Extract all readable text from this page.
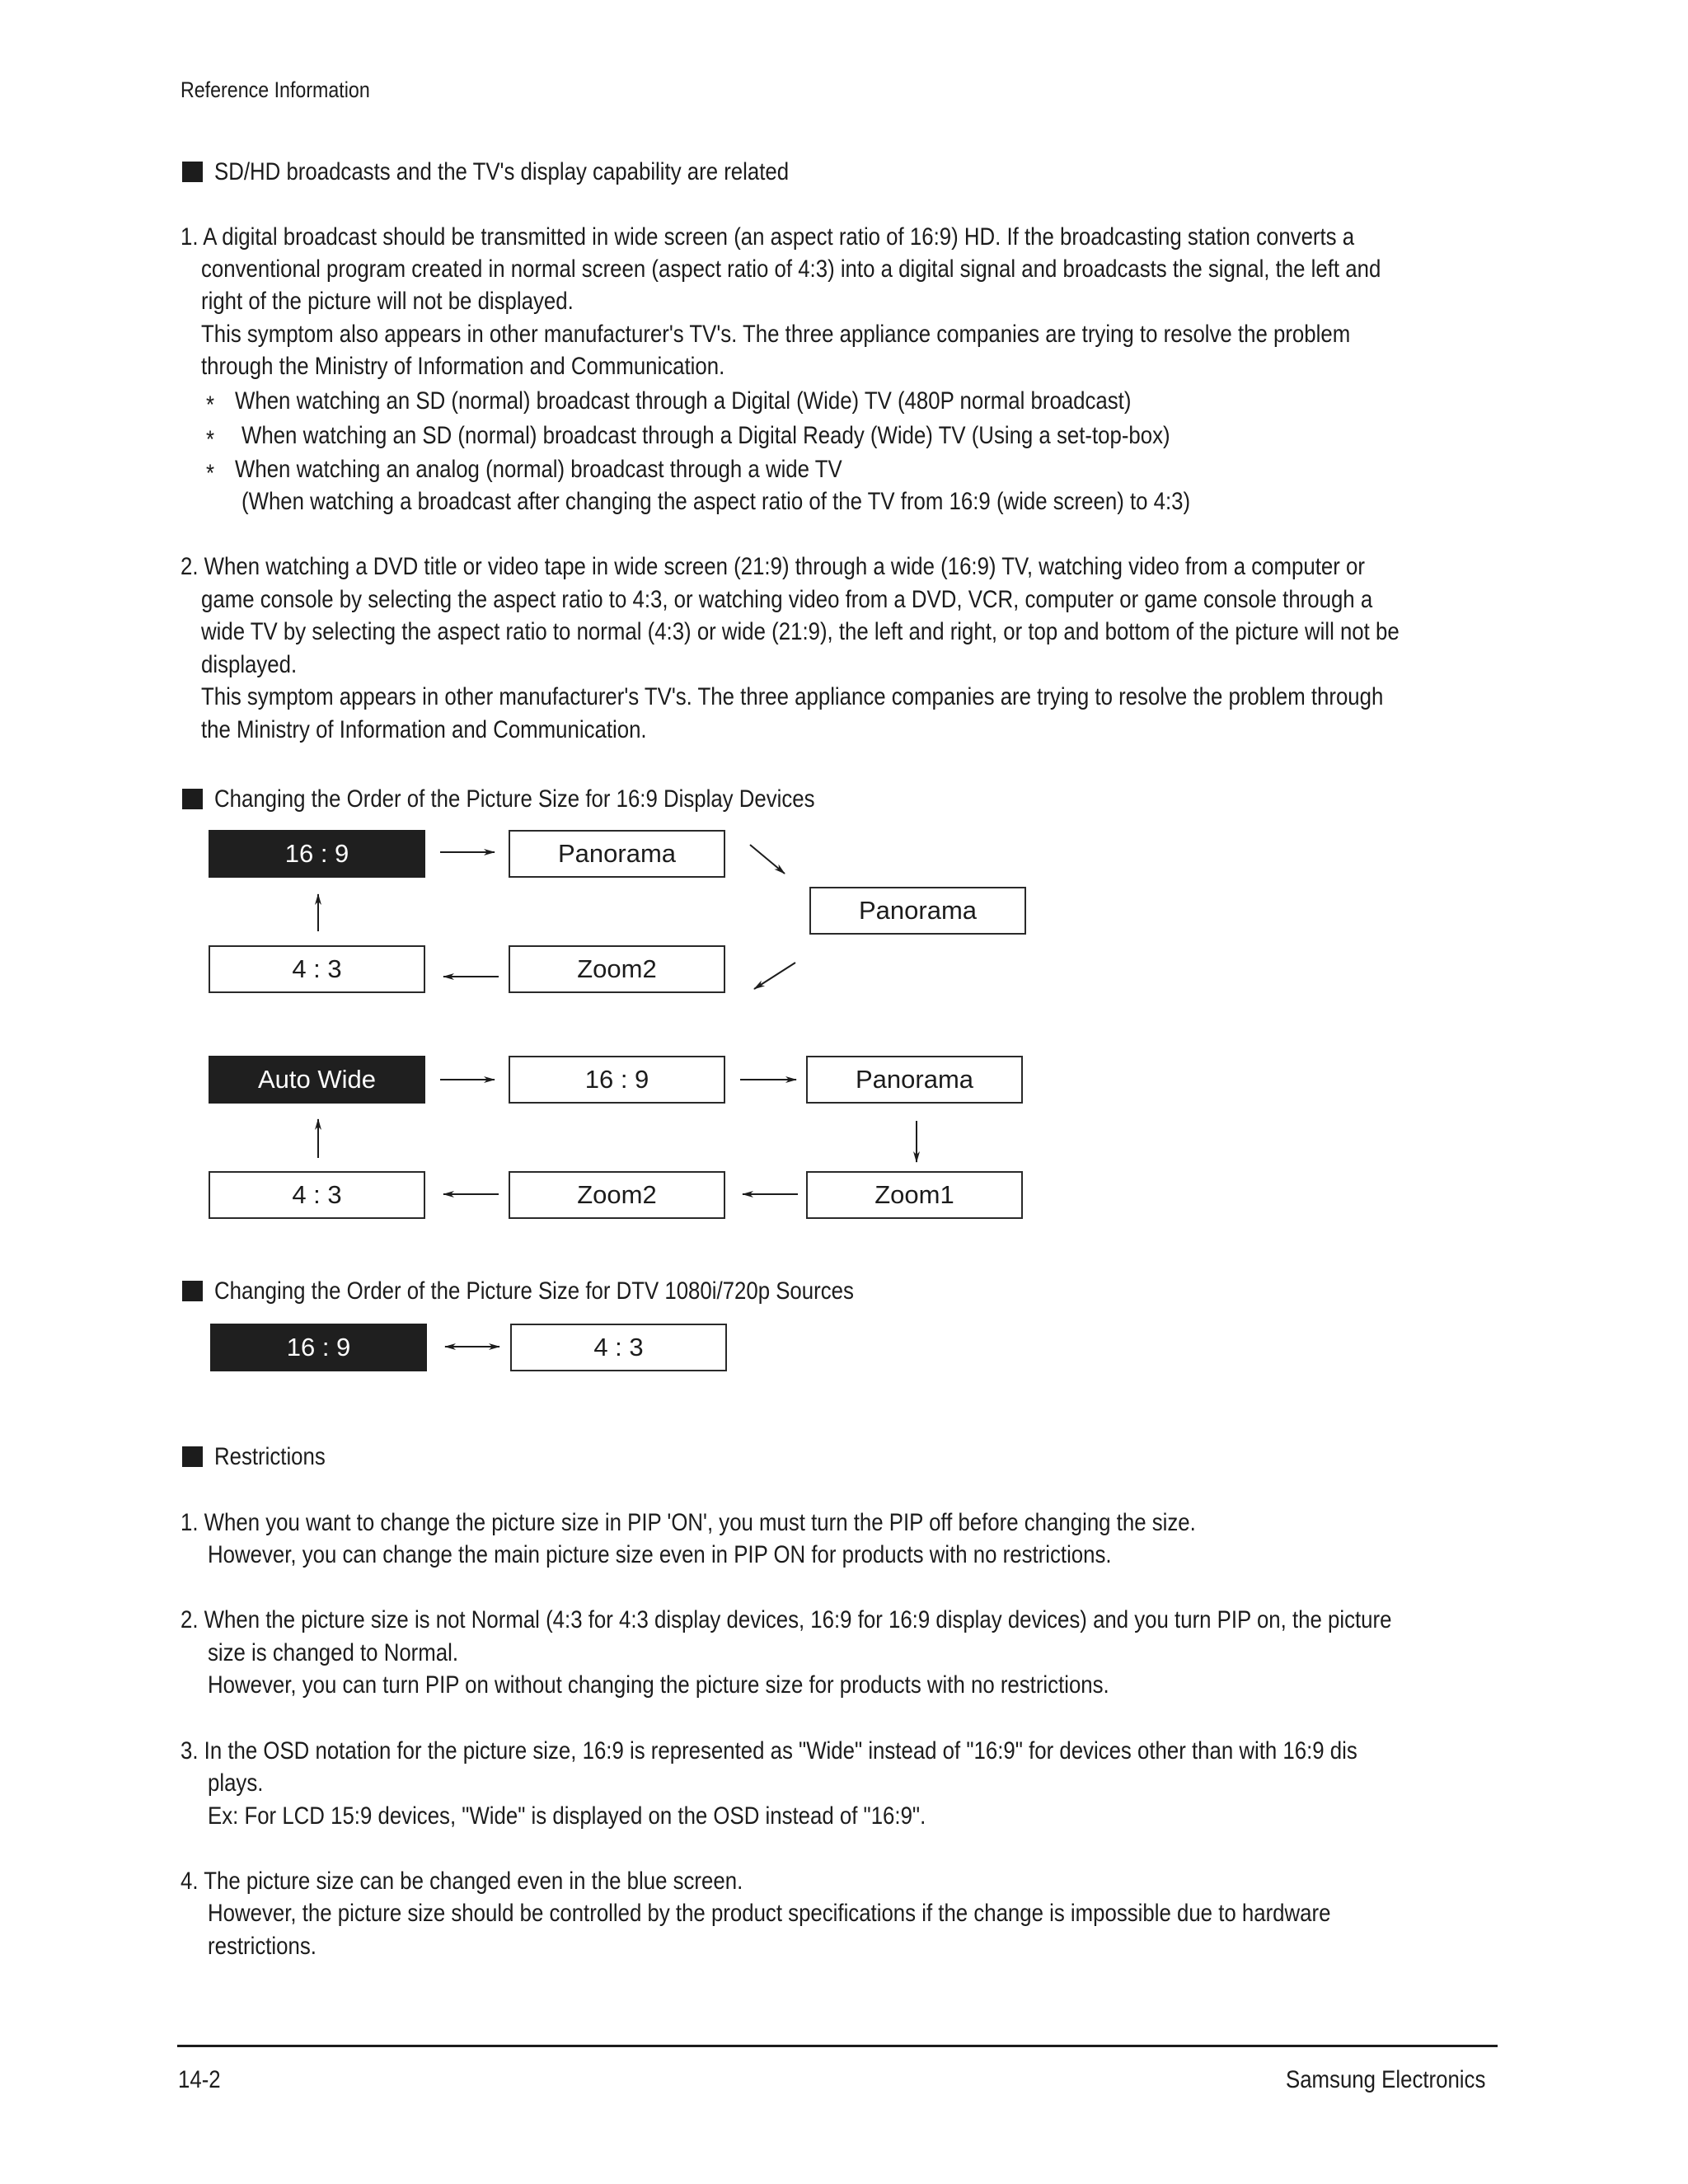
Reference Information
SD/HD broadcasts and the TV's display capability are related
1. A digital broadcast should be transmitted in wide screen (an aspect ratio of 16:9) HD. If the broadcasting station converts a
conventional program created in normal screen (aspect ratio of 4:3) into a digital signal and broadcasts the signal, the left and
right of the picture will not be displayed.
This symptom also appears in other manufacturer's TV's. The three appliance companies are trying to resolve the problem
through the Ministry of Information and Communication.
* When watching an SD (normal) broadcast through a Digital (Wide) TV (480P normal broadcast)
* When watching an SD (normal) broadcast through a Digital Ready (Wide) TV (Using a set-top-box)
* When watching an analog (normal) broadcast through a wide TV
(When watching a broadcast after changing the aspect ratio of the TV from 16:9 (wide screen) to 4:3)
2. When watching a DVD title or video tape in wide screen (21:9) through a wide (16:9) TV, watching video from a computer or
game console by selecting the aspect ratio to 4:3, or watching video from a DVD, VCR, computer or game console through a
wide TV by selecting the aspect ratio to normal (4:3) or wide (21:9), the left and right, or top and bottom of the picture will not be
displayed.
This symptom appears in other manufacturer's TV's. The three appliance companies are trying to resolve the problem through
the Ministry of Information and Communication.
Changing the Order of the Picture Size for 16:9 Display Devices
16 : 9	Panorama
Panorama
Zoom2
4 : 3
Auto Wide	16 : 9	Panorama
Zoom1
Zoom2
4 : 3
Changing the Order of the Picture Size for DTV 1080i/720p Sources
16 : 9	4 : 3
Restrictions
1. When you want to change the picture size in PIP 'ON', you must turn the PIP off before changing the size.
However, you can change the main picture size even in PIP ON for products with no restrictions.
2. When the picture size is not Normal (4:3 for 4:3 display devices, 16:9 for 16:9 display devices) and you turn PIP on, the picture
size is changed to Normal.
However, you can turn PIP on without changing the picture size for products with no restrictions.
3. In the OSD notation for the picture size, 16:9 is represented as "Wide" instead of "16:9" for devices other than with 16:9 dis
plays.
Ex: For LCD 15:9 devices, "Wide" is displayed on the OSD instead of "16:9".
4. The picture size can be changed even in the blue screen.
However, the picture size should be controlled by the product specifications if the change is impossible due to hardware
restrictions.
14-2	Samsung Electronics
